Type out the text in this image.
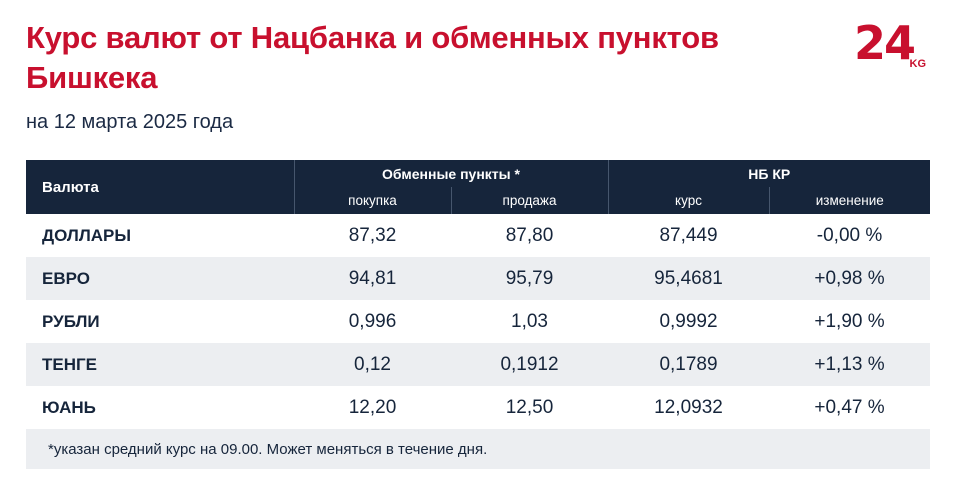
Курс валют от Нацбанка и обменных пунктов Бишкека
на 12 марта 2025 года
24
KG
Валюта	Обменные пункты *		НБ КР	
	покупка	продажа	курс	изменение
ДОЛЛАРЫ	87,32	87,80	87,449	-0,00 %
ЕВРО	94,81	95,79	95,4681	+0,98 %
РУБЛИ	0,996	1,03	0,9992	+1,90 %
ТЕНГЕ	0,12	0,1912	0,1789	+1,13 %
ЮАНЬ	12,20	12,50	12,0932	+0,47 %
*указан средний курс на 09.00. Может меняться в течение дня.
